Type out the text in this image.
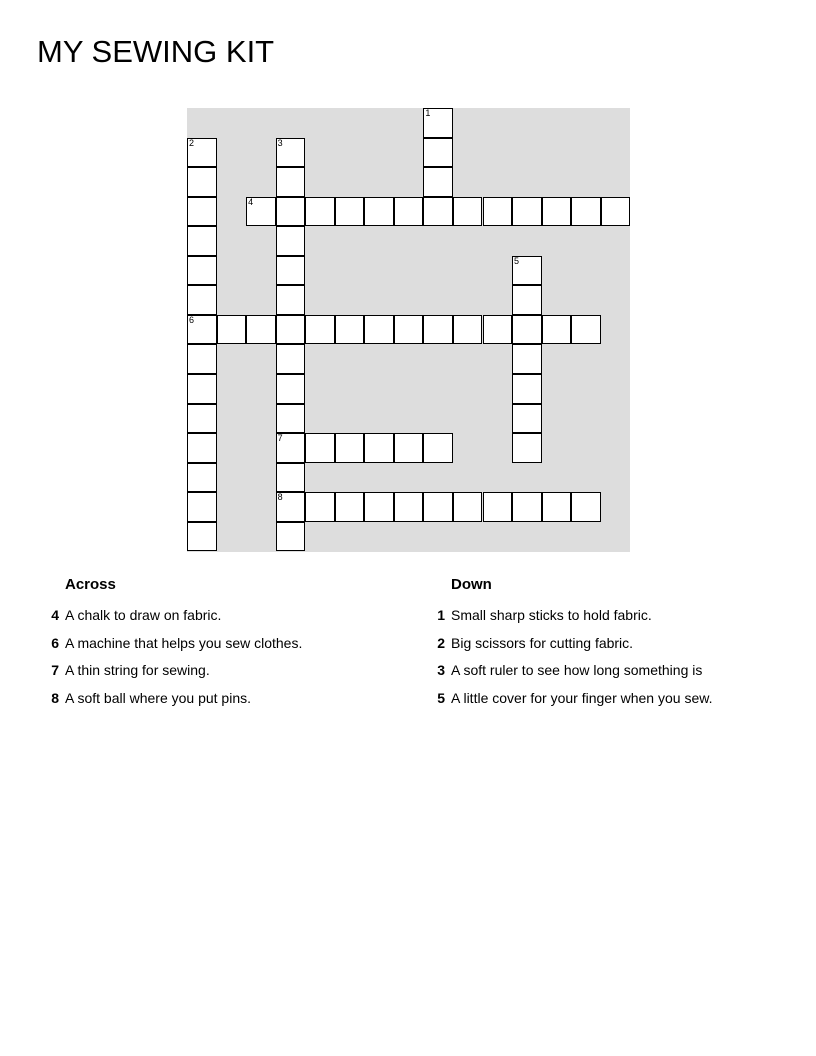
MY SEWING KIT
1
2	3
4
5
6
7
8
Across
4 A chalk to draw on fabric.
6 A machine that helps you sew clothes.
7 A thin string for sewing.
8 A soft ball where you put pins.
Down
1 Small sharp sticks to hold fabric.
2 Big scissors for cutting fabric.
3 A soft ruler to see how long something is
5 A little cover for your finger when you sew.
